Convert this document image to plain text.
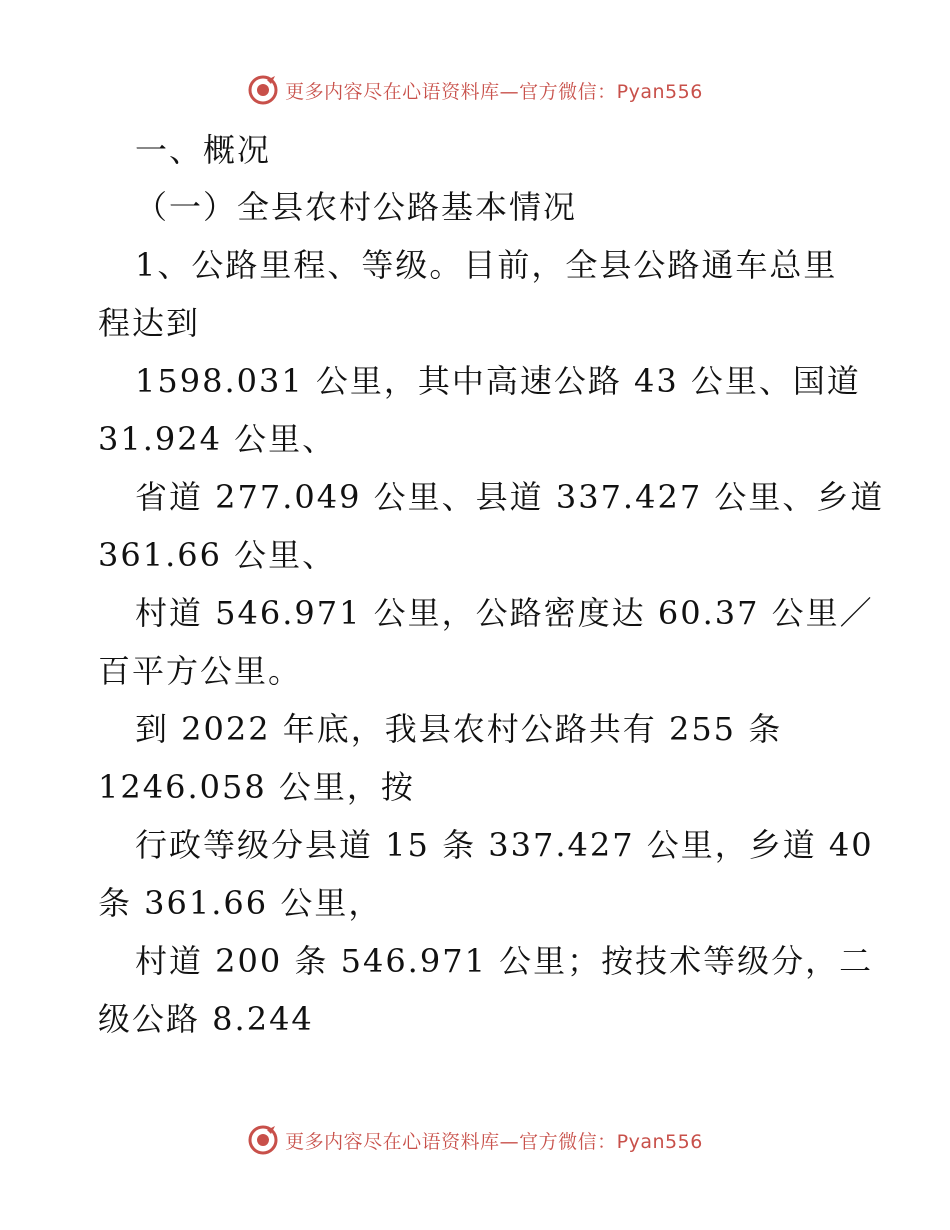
更多内容尽在心语资料库—官方微信：Pyan556
一、概况
（一）全县农村公路基本情况
1、公路里程、等级。目前，全县公路通车总里
程达到
1598.031 公里，其中高速公路 43 公里、国道
31.924 公里、
省道 277.049 公里、县道 337.427 公里、乡道
361.66 公里、
村道 546.971 公里，公路密度达 60.37 公里／
百平方公里。
到 2022 年底，我县农村公路共有 255 条
1246.058 公里，按
行政等级分县道 15 条 337.427 公里，乡道 40
条 361.66 公里，
村道 200 条 546.971 公里；按技术等级分，二
级公路 8.244
更多内容尽在心语资料库—官方微信：Pyan556
